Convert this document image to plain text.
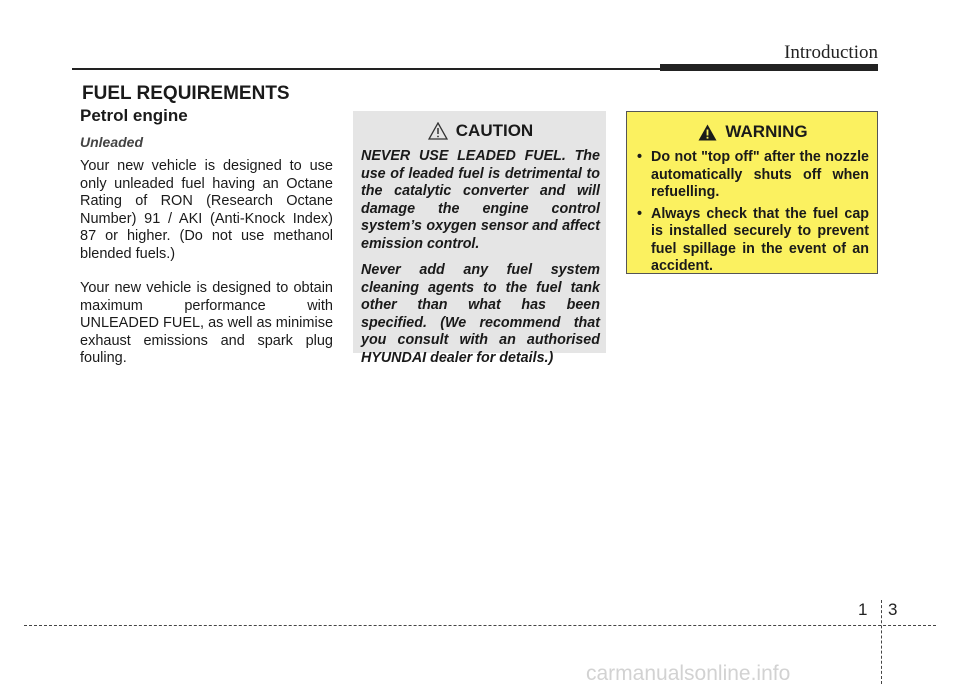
Introduction
FUEL REQUIREMENTS
Petrol engine
Unleaded

Your new vehicle is designed to use only unleaded fuel having an Octane Rating of RON (Research Octane Number) 91 / AKI (Anti-Knock Index) 87 or higher. (Do not use methanol blended fuels.)

Your new vehicle is designed to obtain maximum performance with UNLEADED FUEL, as well as minimise exhaust emissions and spark plug fouling.

CAUTION

NEVER USE LEADED FUEL. The use of leaded fuel is detrimental to the catalytic converter and will damage the engine control system’s oxygen sensor and affect emission control.

Never add any fuel system cleaning agents to the fuel tank other than what has been specified. (We recommend that you consult with an authorised HYUNDAI dealer for details.)

WARNING
• Do not "top off" after the nozzle automatically shuts off when refuelling.
• Always check that the fuel cap is installed securely to prevent fuel spillage in the event of an accident.
1 3
carmanualsonline.info
